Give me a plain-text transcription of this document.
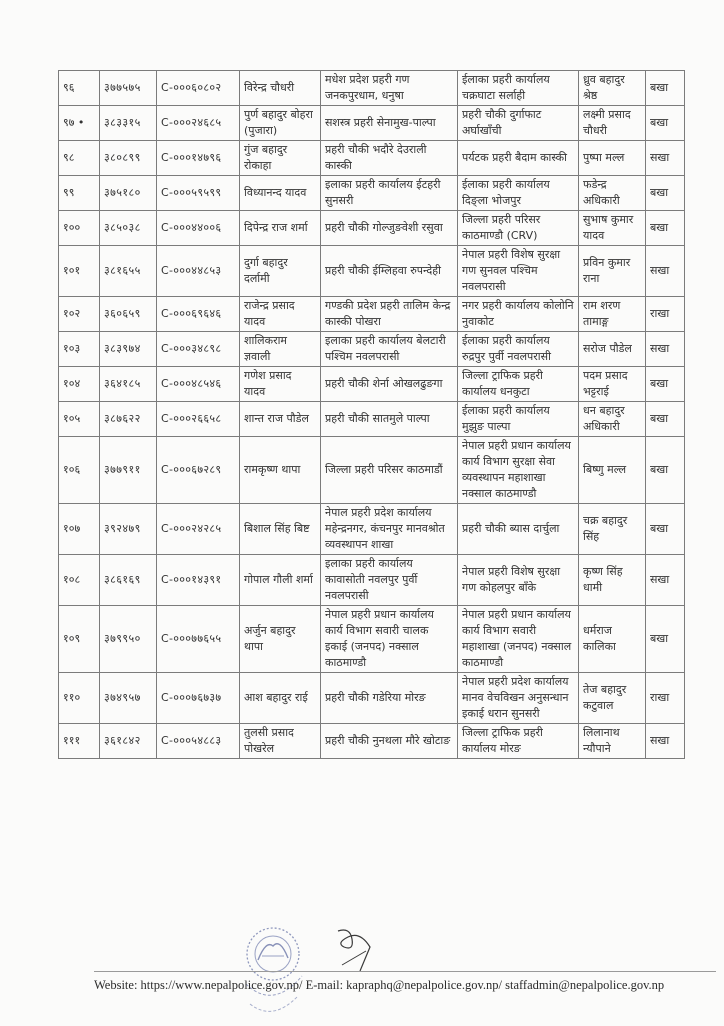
९६	३७७५७५	C-०००६०८०२	विरेन्द्र चौधरी	मधेश प्रदेश प्रहरी गण जनकपुरधाम, धनुषा	ईलाका प्रहरी कार्यालय चक्रघाटा सर्लाही	ध्रुव बहादुर श्रेष्ठ	बखा
९७ •	३८३३१५	C-०००२४६८५	पुर्ण बहादुर बोहरा (पुजारा)	सशस्त्र प्रहरी सेनामुख-पाल्पा	प्रहरी चौकी दुर्गाफाट अर्घाखाँची	लक्ष्मी प्रसाद चौधरी	बखा
९८	३८०८९९	C-०००१४७९६	गुंज बहादुर रोकाहा	प्रहरी चौकी भदौरे देउराली कास्की	पर्यटक प्रहरी बैदाम कास्की	पुष्पा मल्ल	सखा
९९	३७५१८०	C-०००५९५९९	विध्यानन्द यादव	इलाका प्रहरी कार्यालय ईटहरी सुनसरी	ईलाका प्रहरी कार्यालय दिङ्ला भोजपुर	फडेन्द्र अधिकारी	बखा
१००	३८५०३८	C-०००४४००६	दिपेन्द्र राज शर्मा	प्रहरी चौकी गोल्जुङवेशी रसुवा	जिल्ला प्रहरी परिसर काठमाण्डौ (CRV)	सुभाष कुमार यादव	बखा
१०१	३८१६५५	C-०००४४८५३	दुर्गा बहादुर दर्लामी	प्रहरी चौकी ईम्लिहवा रुपन्देही	नेपाल प्रहरी विशेष सुरक्षा गण सुनवल पश्चिम नवलपरासी	प्रविन कुमार राना	सखा
१०२	३६०६५९	C-०००६९६४६	राजेन्द्र प्रसाद यादव	गण्डकी प्रदेश प्रहरी तालिम केन्द्र कास्की पोखरा	नगर प्रहरी कार्यालय कोलोनि नुवाकोट	राम शरण तामाङ्ग	राखा
१०३	३८३९७४	C-०००३४८९८	शालिकराम ज्ञवाली	इलाका प्रहरी कार्यालय बेलटारी पश्चिम नवलपरासी	ईलाका प्रहरी कार्यालय रुद्रपुर पुर्वी नवलपरासी	सरोज पौडेल	सखा
१०४	३६४१८५	C-०००४८५४६	गणेश प्रसाद यादव	प्रहरी चौकी शेर्ना ओखलढुङगा	जिल्ला ट्राफिक प्रहरी कार्यालय धनकुटा	पदम प्रसाद भट्टराई	बखा
१०५	३८७६२२	C-०००२६६५८	शान्त राज पौडेल	प्रहरी चौकी सातमुले पाल्पा	ईलाका प्रहरी कार्यालय मुझुङ पाल्पा	धन बहादुर अधिकारी	बखा
१०६	३७७९११	C-०००६७२८९	रामकृष्ण थापा	जिल्ला प्रहरी परिसर काठमाडौं	नेपाल प्रहरी प्रधान कार्यालय कार्य विभाग सुरक्षा सेवा व्यवस्थापन महाशाखा नक्साल काठमाण्डौ	बिष्णु मल्ल	बखा
१०७	३९२४७९	C-०००२४२८५	बिशाल सिंह बिष्ट	नेपाल प्रहरी प्रदेश कार्यालय महेन्द्रनगर, कंचनपुर मानवश्रोत व्यवस्थापन शाखा	प्रहरी चौकी ब्यास दार्चुला	चक्र बहादुर सिंह	बखा
१०८	३८६१६९	C-०००१४३९१	गोपाल गौली शर्मा	इलाका प्रहरी कार्यालय कावासोती नवलपुर पुर्वी नवलपरासी	नेपाल प्रहरी विशेष सुरक्षा गण कोहलपुर बाँके	कृष्ण सिंह धामी	सखा
१०९	३७९९५०	C-०००७७६५५	अर्जुन बहादुर थापा	नेपाल प्रहरी प्रधान कार्यालय कार्य विभाग सवारी चालक इकाई (जनपद) नक्साल काठमाण्डौ	नेपाल प्रहरी प्रधान कार्यालय कार्य विभाग सवारी महाशाखा (जनपद) नक्साल काठमाण्डौ	धर्मराज कालिका	बखा
११०	३७४९५७	C-०००७६७३७	आश बहादुर राई	प्रहरी चौकी गडेरिया मोरङ	नेपाल प्रहरी प्रदेश कार्यालय मानव वेचविखन अनुसन्धान इकाई धरान सुनसरी	तेज बहादुर कटुवाल	राखा
१११	३६१८४२	C-०००५४८८३	तुलसी प्रसाद पोखरेल	प्रहरी चौकी नुनथला मौरे खोटाङ	जिल्ला ट्राफिक प्रहरी कार्यालय मोरङ	लिलानाथ न्यौपाने	सखा
Website: https://www.nepalpolice.gov.np/ E-mail: kapraphq@nepalpolice.gov.np/ staffadmin@nepalpolice.gov.np
